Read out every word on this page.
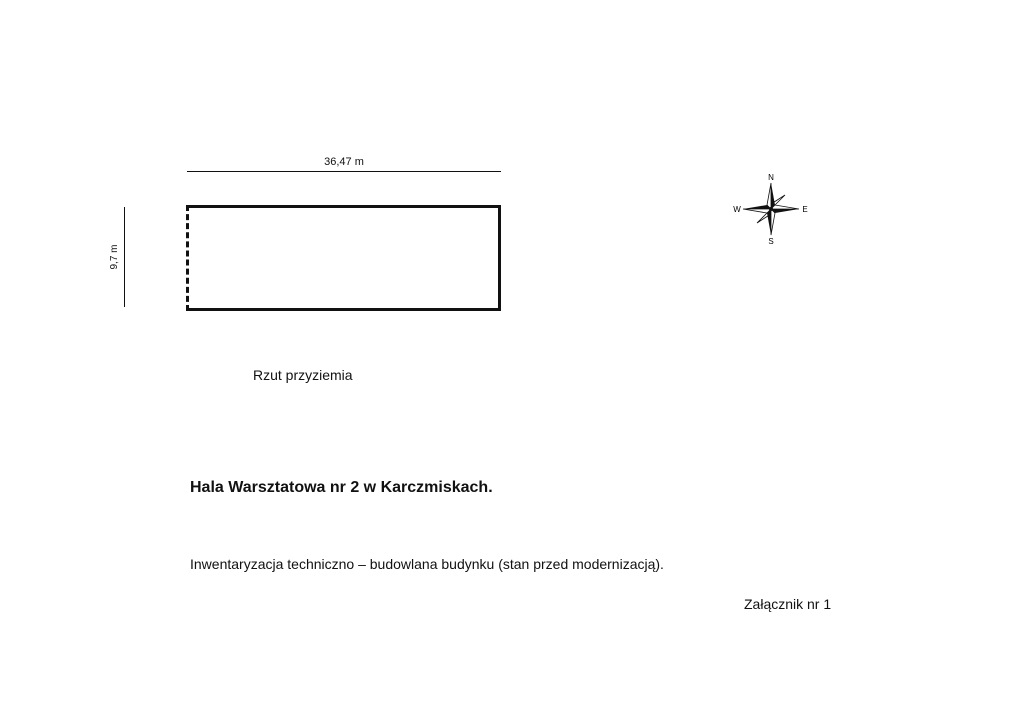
36,47 m
9,7 m
Rzut przyziemia
N
S
E
W
Hala Warsztatowa nr 2 w Karczmiskach.
Inwentaryzacja techniczno – budowlana budynku (stan przed modernizacją).
Załącznik nr 1
